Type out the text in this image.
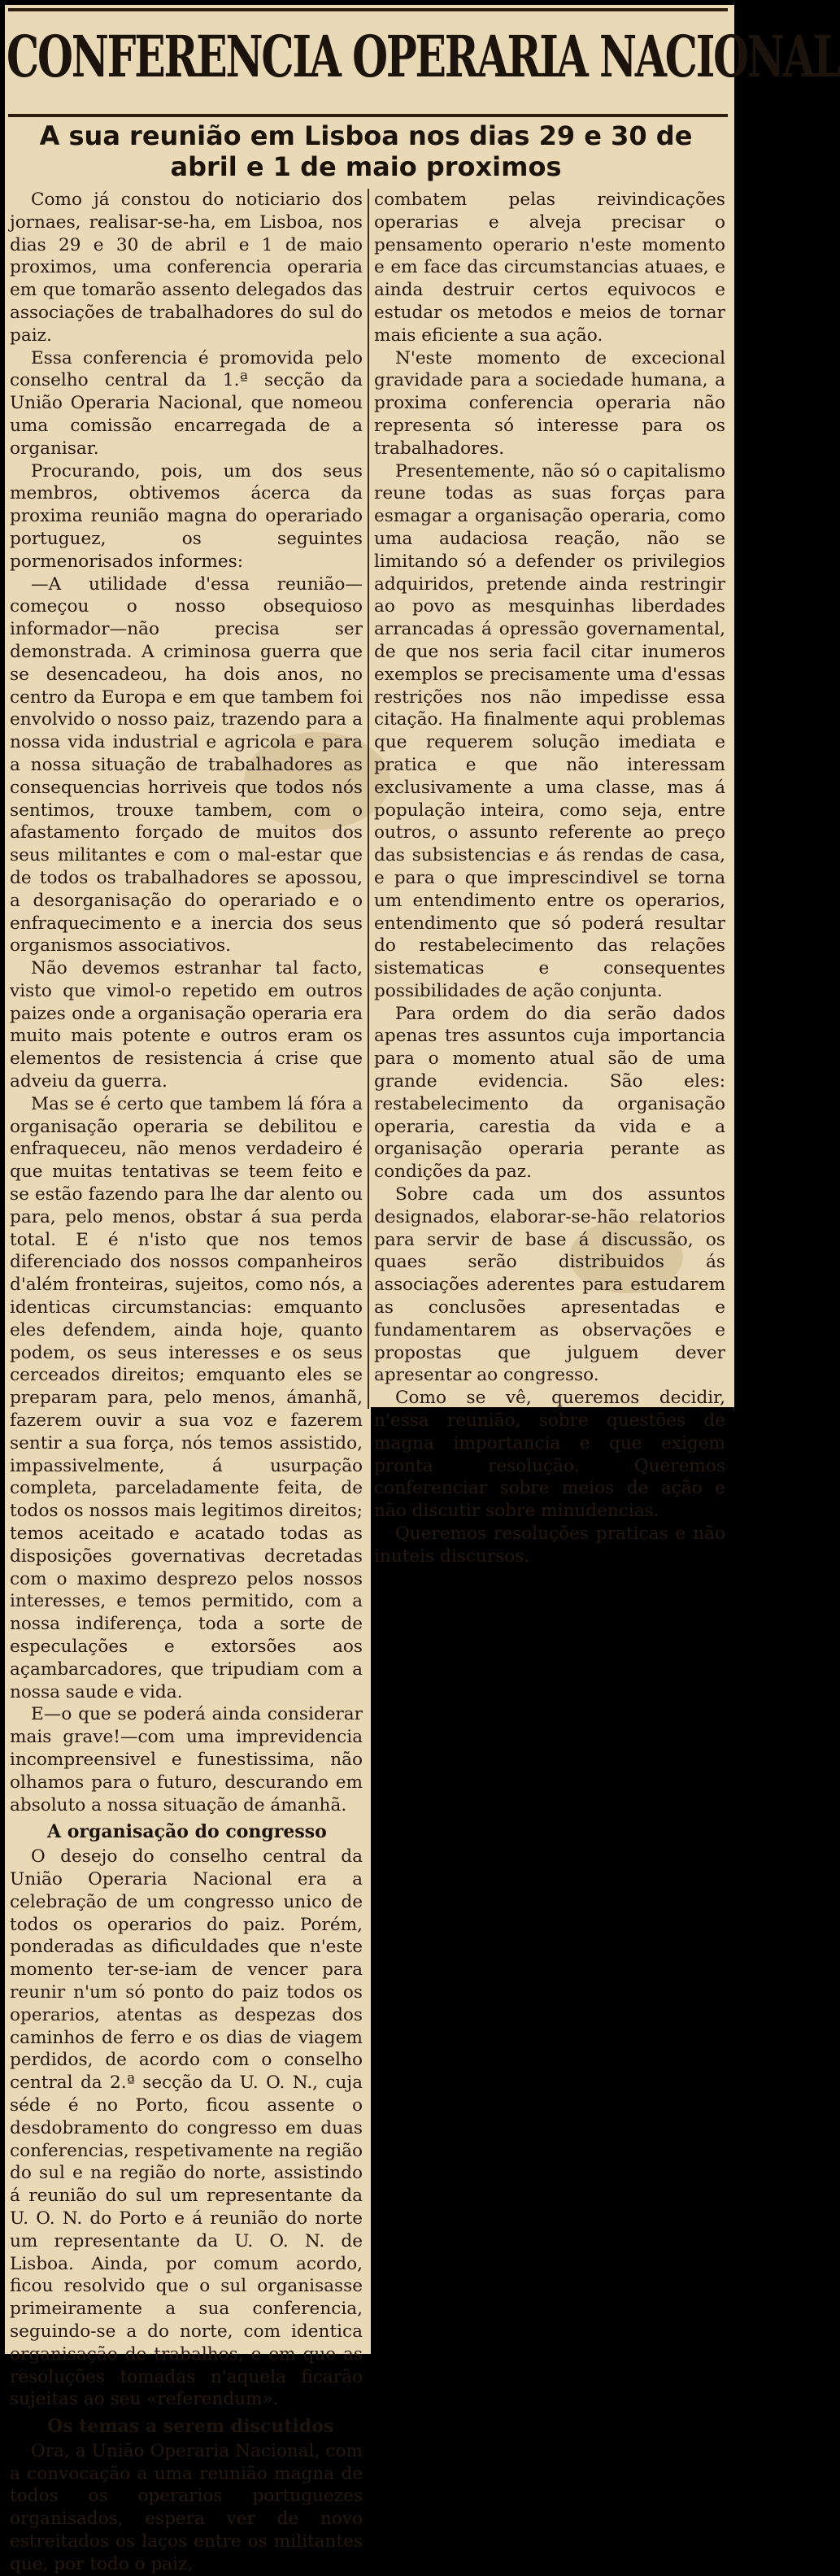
CONFERENCIA OPERARIA NACIONAL
A sua reunião em Lisboa nos dias 29 e 30 de abril e 1 de maio proximos

Como já constou do noticiario dos jornaes, realisar-se-ha, em Lisboa, nos dias 29 e 30 de abril e 1 de maio proximos, uma conferencia operaria em que tomarão assento delegados das associações de trabalhadores do sul do paiz.

Essa conferencia é promovida pelo conselho central da 1.ª secção da União Operaria Nacional, que nomeou uma comissão encarregada de a organisar.

Procurando, pois, um dos seus membros, obtivemos ácerca da proxima reunião magna do operariado portuguez, os seguintes pormenorisados informes:

—A utilidade d'essa reunião—começou o nosso obsequioso informador—não precisa ser demonstrada. A criminosa guerra que se desencadeou, ha dois anos, no centro da Europa e em que tambem foi envolvido o nosso paiz, trazendo para a nossa vida industrial e agricola e para a nossa situação de trabalhadores as consequencias horriveis que todos nós sentimos, trouxe tambem, com o afastamento forçado de muitos dos seus militantes e com o mal-estar que de todos os trabalhadores se apossou, a desorganisação do operariado e o enfraquecimento e a inercia dos seus organismos associativos.

Não devemos estranhar tal facto, visto que vimol-o repetido em outros paizes onde a organisação operaria era muito mais potente e outros eram os elementos de resistencia á crise que adveiu da guerra.

Mas se é certo que tambem lá fóra a organisação operaria se debilitou e enfraqueceu, não menos verdadeiro é que muitas tentativas se teem feito e se estão fazendo para lhe dar alento ou para, pelo menos, obstar á sua perda total. E é n'isto que nos temos diferenciado dos nossos companheiros d'além fronteiras, sujeitos, como nós, a identicas circumstancias: emquanto eles defendem, ainda hoje, quanto podem, os seus interesses e os seus cerceados direitos; emquanto eles se preparam para, pelo menos, ámanhã, fazerem ouvir a sua voz e fazerem sentir a sua força, nós temos assistido, impassivelmente, á usurpação completa, parceladamente feita, de todos os nossos mais legitimos direitos; temos aceitado e acatado todas as disposições governativas decretadas com o maximo desprezo pelos nossos interesses, e temos permitido, com a nossa indiferença, toda a sorte de especulações e extorsões aos açambarcadores, que tripudiam com a nossa saude e vida.

E—o que se poderá ainda considerar mais grave!—com uma imprevidencia incompreensivel e funestissima, não olhamos para o futuro, descurando em absoluto a nossa situação de ámanhã.

A organisação do congresso

O desejo do conselho central da União Operaria Nacional era a celebração de um congresso unico de todos os operarios do paiz. Porém, ponderadas as dificuldades que n'este momento ter-se-iam de vencer para reunir n'um só ponto do paiz todos os operarios, atentas as despezas dos caminhos de ferro e os dias de viagem perdidos, de acordo com o conselho central da 2.ª secção da U. O. N., cuja séde é no Porto, ficou assente o desdobramento do congresso em duas conferencias, respetivamente na região do sul e na região do norte, assistindo á reunião do sul um representante da U. O. N. do Porto e á reunião do norte um representante da U. O. N. de Lisboa. Ainda, por comum acordo, ficou resolvido que o sul organisasse primeiramente a sua conferencia, seguindo-se a do norte, com identica organisação de trabalhos, e em que as resoluções tomadas n'aquela ficarão sujeitas ao seu «referendum».

Os temas a serem discutidos

Ora, a União Operaria Nacional, com a convocação a uma reunião magna de todos os operarios portuguezes organisados, espera ver de novo estreitados os laços entre os militantes que, por todo o paiz,

combatem pelas reivindicações operarias e alveja precisar o pensamento operario n'este momento e em face das circumstancias atuaes, e ainda destruir certos equivocos e estudar os metodos e meios de tornar mais eficiente a sua ação.

N'este momento de excecional gravidade para a sociedade humana, a proxima conferencia operaria não representa só interesse para os trabalhadores.

Presentemente, não só o capitalismo reune todas as suas forças para esmagar a organisação operaria, como uma audaciosa reação, não se limitando só a defender os privilegios adquiridos, pretende ainda restringir ao povo as mesquinhas liberdades arrancadas á opressão governamental, de que nos seria facil citar inumeros exemplos se precisamente uma d'essas restrições nos não impedisse essa citação. Ha finalmente aqui problemas que requerem solução imediata e pratica e que não interessam exclusivamente a uma classe, mas á população inteira, como seja, entre outros, o assunto referente ao preço das subsistencias e ás rendas de casa, e para o que imprescindivel se torna um entendimento entre os operarios, entendimento que só poderá resultar do restabelecimento das relações sistematicas e consequentes possibilidades de ação conjunta.

Para ordem do dia serão dados apenas tres assuntos cuja importancia para o momento atual são de uma grande evidencia. São eles: restabelecimento da organisação operaria, carestia da vida e a organisação operaria perante as condições da paz.

Sobre cada um dos assuntos designados, elaborar-se-hão relatorios para servir de base á discussão, os quaes serão distribuidos ás associações aderentes para estudarem as conclusões apresentadas e fundamentarem as observações e propostas que julguem dever apresentar ao congresso.

Como se vê, queremos decidir, n'essa reunião, sobre questões de magna importancia e que exigem pronta resolução. Queremos conferenciar sobre meios de ação e não discutir sobre minudencias.

Queremos resoluções praticas e não inuteis discursos.
